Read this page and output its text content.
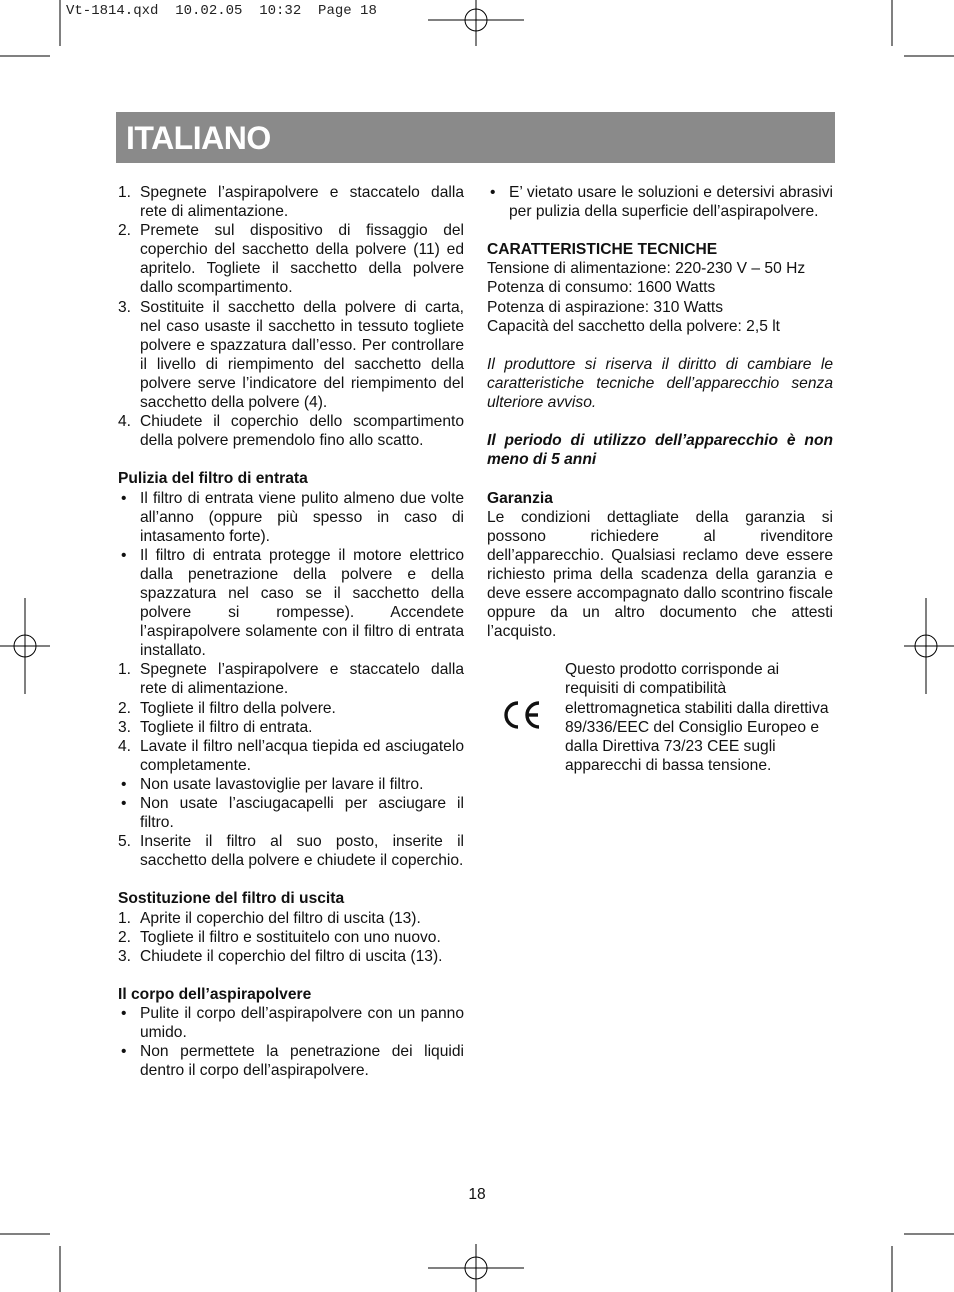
Vt-1814.qxd  10.02.05  10:32  Page 18
ITALIANO
1. Spegnete l’aspirapolvere e staccatelo dalla rete di alimentazione.
2. Premete sul dispositivo di fissaggio del coperchio del sacchetto della polvere (11) ed apritelo. Togliete il sacchetto della polvere dallo scompartimento.
3. Sostituite il sacchetto della polvere di carta, nel caso usaste il sacchetto in tessuto togliete polvere e spazzatura dall’esso. Per controllare il livello di riempimento del sacchetto della polvere serve l’indicatore del riempimento del sacchetto della polvere (4).
4. Chiudete il coperchio dello scompartimento della polvere premendolo fino allo scatto.
Pulizia del filtro di entrata
• Il filtro di entrata viene pulito almeno due volte all’anno (oppure più spesso in caso di intasamento forte).
• Il filtro di entrata protegge il motore elettrico dalla penetrazione della polvere e della spazzatura nel caso se il sacchetto della polvere si rompesse). Accendete l’aspirapolvere solamente con il filtro di entrata installato.
1. Spegnete l’aspirapolvere e staccatelo dalla rete di alimentazione.
2. Togliete il filtro della polvere.
3. Togliete il filtro di entrata.
4. Lavate il filtro nell’acqua tiepida ed asciugatelo completamente.
• Non usate lavastoviglie per lavare il filtro.
• Non usate l’asciugacapelli per asciugare il filtro.
5. Inserite il filtro al suo posto, inserite il sacchetto della polvere e chiudete il coperchio.
Sostituzione del filtro di uscita
1. Aprite il coperchio del filtro di uscita (13).
2. Togliete il filtro e sostituitelo con uno nuovo.
3. Chiudete il coperchio del filtro di uscita (13).
Il corpo dell’aspirapolvere
• Pulite il corpo dell’aspirapolvere con un panno umido.
• Non permettete la penetrazione dei liquidi dentro il corpo dell’aspirapolvere.
• E’ vietato usare le soluzioni e detersivi abrasivi per pulizia della superficie dell’aspirapolvere.
CARATTERISTICHE TECNICHE
Tensione di alimentazione: 220-230 V – 50 Hz
Potenza di consumo: 1600 Watts
Potenza di aspirazione: 310 Watts
Capacità del sacchetto della polvere: 2,5 lt
Il produttore si riserva il diritto di cambiare le caratteristiche tecniche dell’apparecchio senza ulteriore avviso.
Il periodo di utilizzo dell’apparecchio è non meno di 5 anni
Garanzia
Le condizioni dettagliate della garanzia si possono richiedere al rivenditore dell’apparecchio. Qualsiasi reclamo deve essere richiesto prima della scadenza della garanzia e deve essere accompagnato dallo scontrino fiscale oppure da un altro documento che attesti l’acquisto.
Questo prodotto corrisponde ai requisiti di compatibilità elettromagnetica stabiliti dalla direttiva 89/336/EEC del Consiglio Europeo e dalla Direttiva 73/23 CEE sugli apparecchi di bassa tensione.
18
